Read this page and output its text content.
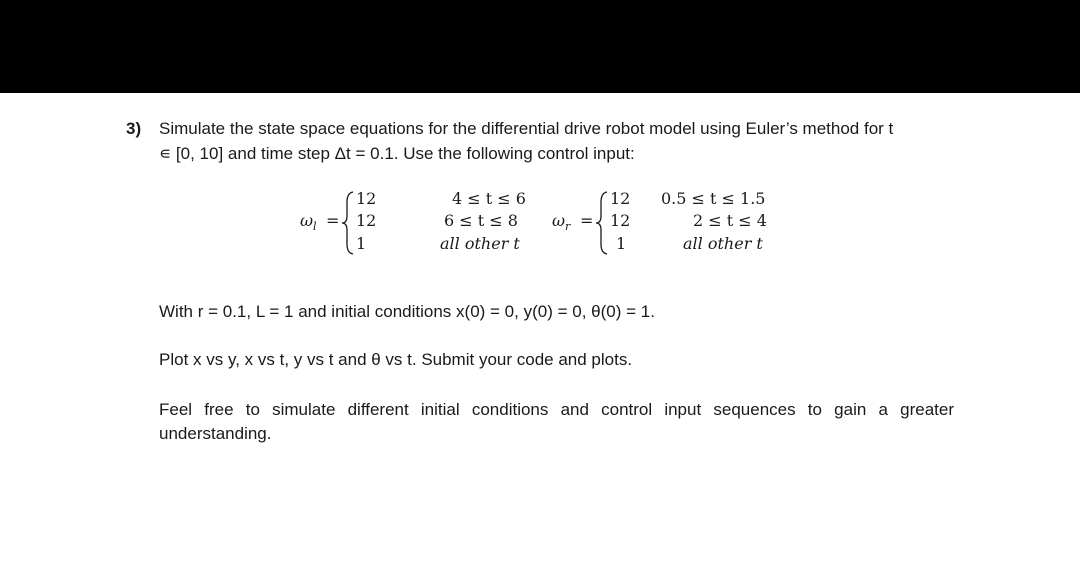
3) Simulate the state space equations for the differential drive robot model using Euler’s method for t
∊ [0, 10] and time step Δt = 0.1. Use the following control input:
$\omega_l$ =
12
12
1
4 ≤ t ≤ 6
6 ≤ t ≤ 8
all other t
$\omega_r$ =
12
12
1
0.5 ≤ t ≤ 1.5
2 ≤ t ≤ 4
all other t
With r = 0.1, L = 1 and initial conditions x(0) = 0, y(0) = 0, θ(0) = 1.
Plot x vs y, x vs t, y vs t and θ vs t. Submit your code and plots.
Feel free to simulate different initial conditions and control input sequences to gain a greater understanding.
